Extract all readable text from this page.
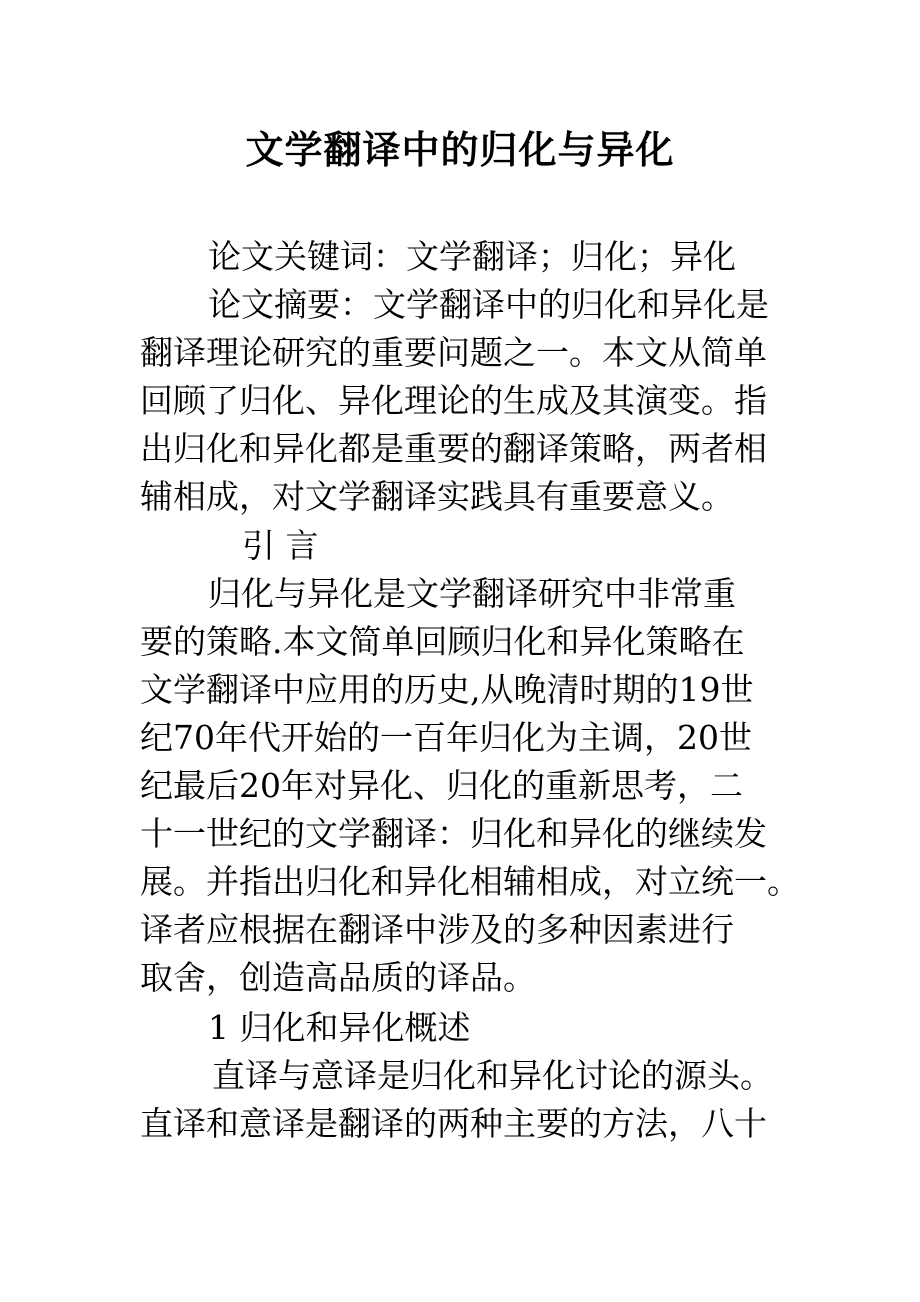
文学翻译中的归化与异化
论文关键词：文学翻译；归化；异化
论文摘要：文学翻译中的归化和异化是
翻译理论研究的重要问题之一。本文从简单
回顾了归化、异化理论的生成及其演变。指
出归化和异化都是重要的翻译策略，两者相
辅相成，对文学翻译实践具有重要意义。
引 言
归化与异化是文学翻译研究中非常重
要的策略.本文简单回顾归化和异化策略在
文学翻译中应用的历史,从晚清时期的19世
纪70年代开始的一百年归化为主调，20世
纪最后20年对异化、归化的重新思考，二
十一世纪的文学翻译：归化和异化的继续发
展。并指出归化和异化相辅相成，对立统一。
译者应根据在翻译中涉及的多种因素进行
取舍，创造高品质的译品。
1 归化和异化概述
直译与意译是归化和异化讨论的源头。
直译和意译是翻译的两种主要的方法，八十
